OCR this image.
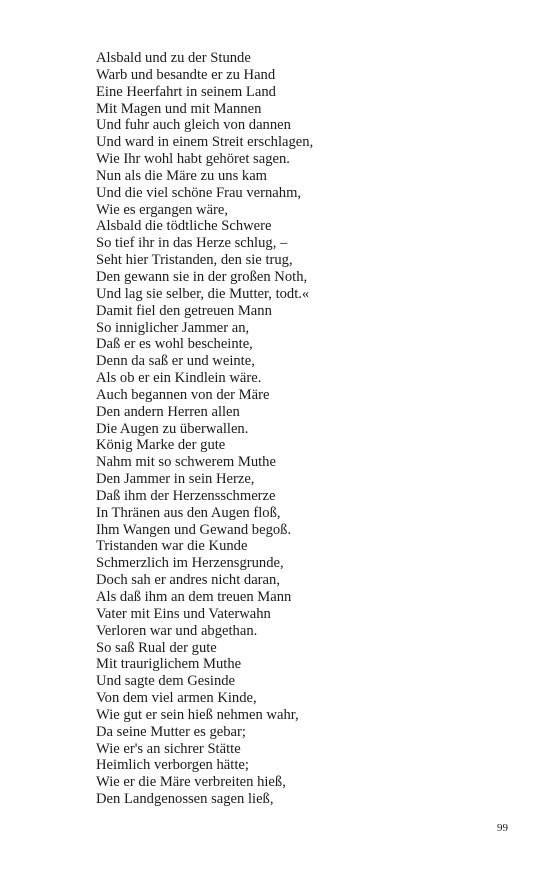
Alsbald und zu der Stunde
Warb und besandte er zu Hand
Eine Heerfahrt in seinem Land
Mit Magen und mit Mannen
Und fuhr auch gleich von dannen
Und ward in einem Streit erschlagen,
Wie Ihr wohl habt gehöret sagen.
Nun als die Märe zu uns kam
Und die viel schöne Frau vernahm,
Wie es ergangen wäre,
Alsbald die tödtliche Schwere
So tief ihr in das Herze schlug, –
Seht hier Tristanden, den sie trug,
Den gewann sie in der großen Noth,
Und lag sie selber, die Mutter, todt.«
Damit fiel den getreuen Mann
So inniglicher Jammer an,
Daß er es wohl bescheinte,
Denn da saß er und weinte,
Als ob er ein Kindlein wäre.
Auch begannen von der Märe
Den andern Herren allen
Die Augen zu überwallen.
König Marke der gute
Nahm mit so schwerem Muthe
Den Jammer in sein Herze,
Daß ihm der Herzensschmerze
In Thränen aus den Augen floß,
Ihm Wangen und Gewand begoß.
Tristanden war die Kunde
Schmerzlich im Herzensgrunde,
Doch sah er andres nicht daran,
Als daß ihm an dem treuen Mann
Vater mit Eins und Vaterwahn
Verloren war und abgethan.
So saß Rual der gute
Mit trauriglichem Muthe
Und sagte dem Gesinde
Von dem viel armen Kinde,
Wie gut er sein hieß nehmen wahr,
Da seine Mutter es gebar;
Wie er's an sichrer Stätte
Heimlich verborgen hätte;
Wie er die Märe verbreiten hieß,
Den Landgenossen sagen ließ,
99
